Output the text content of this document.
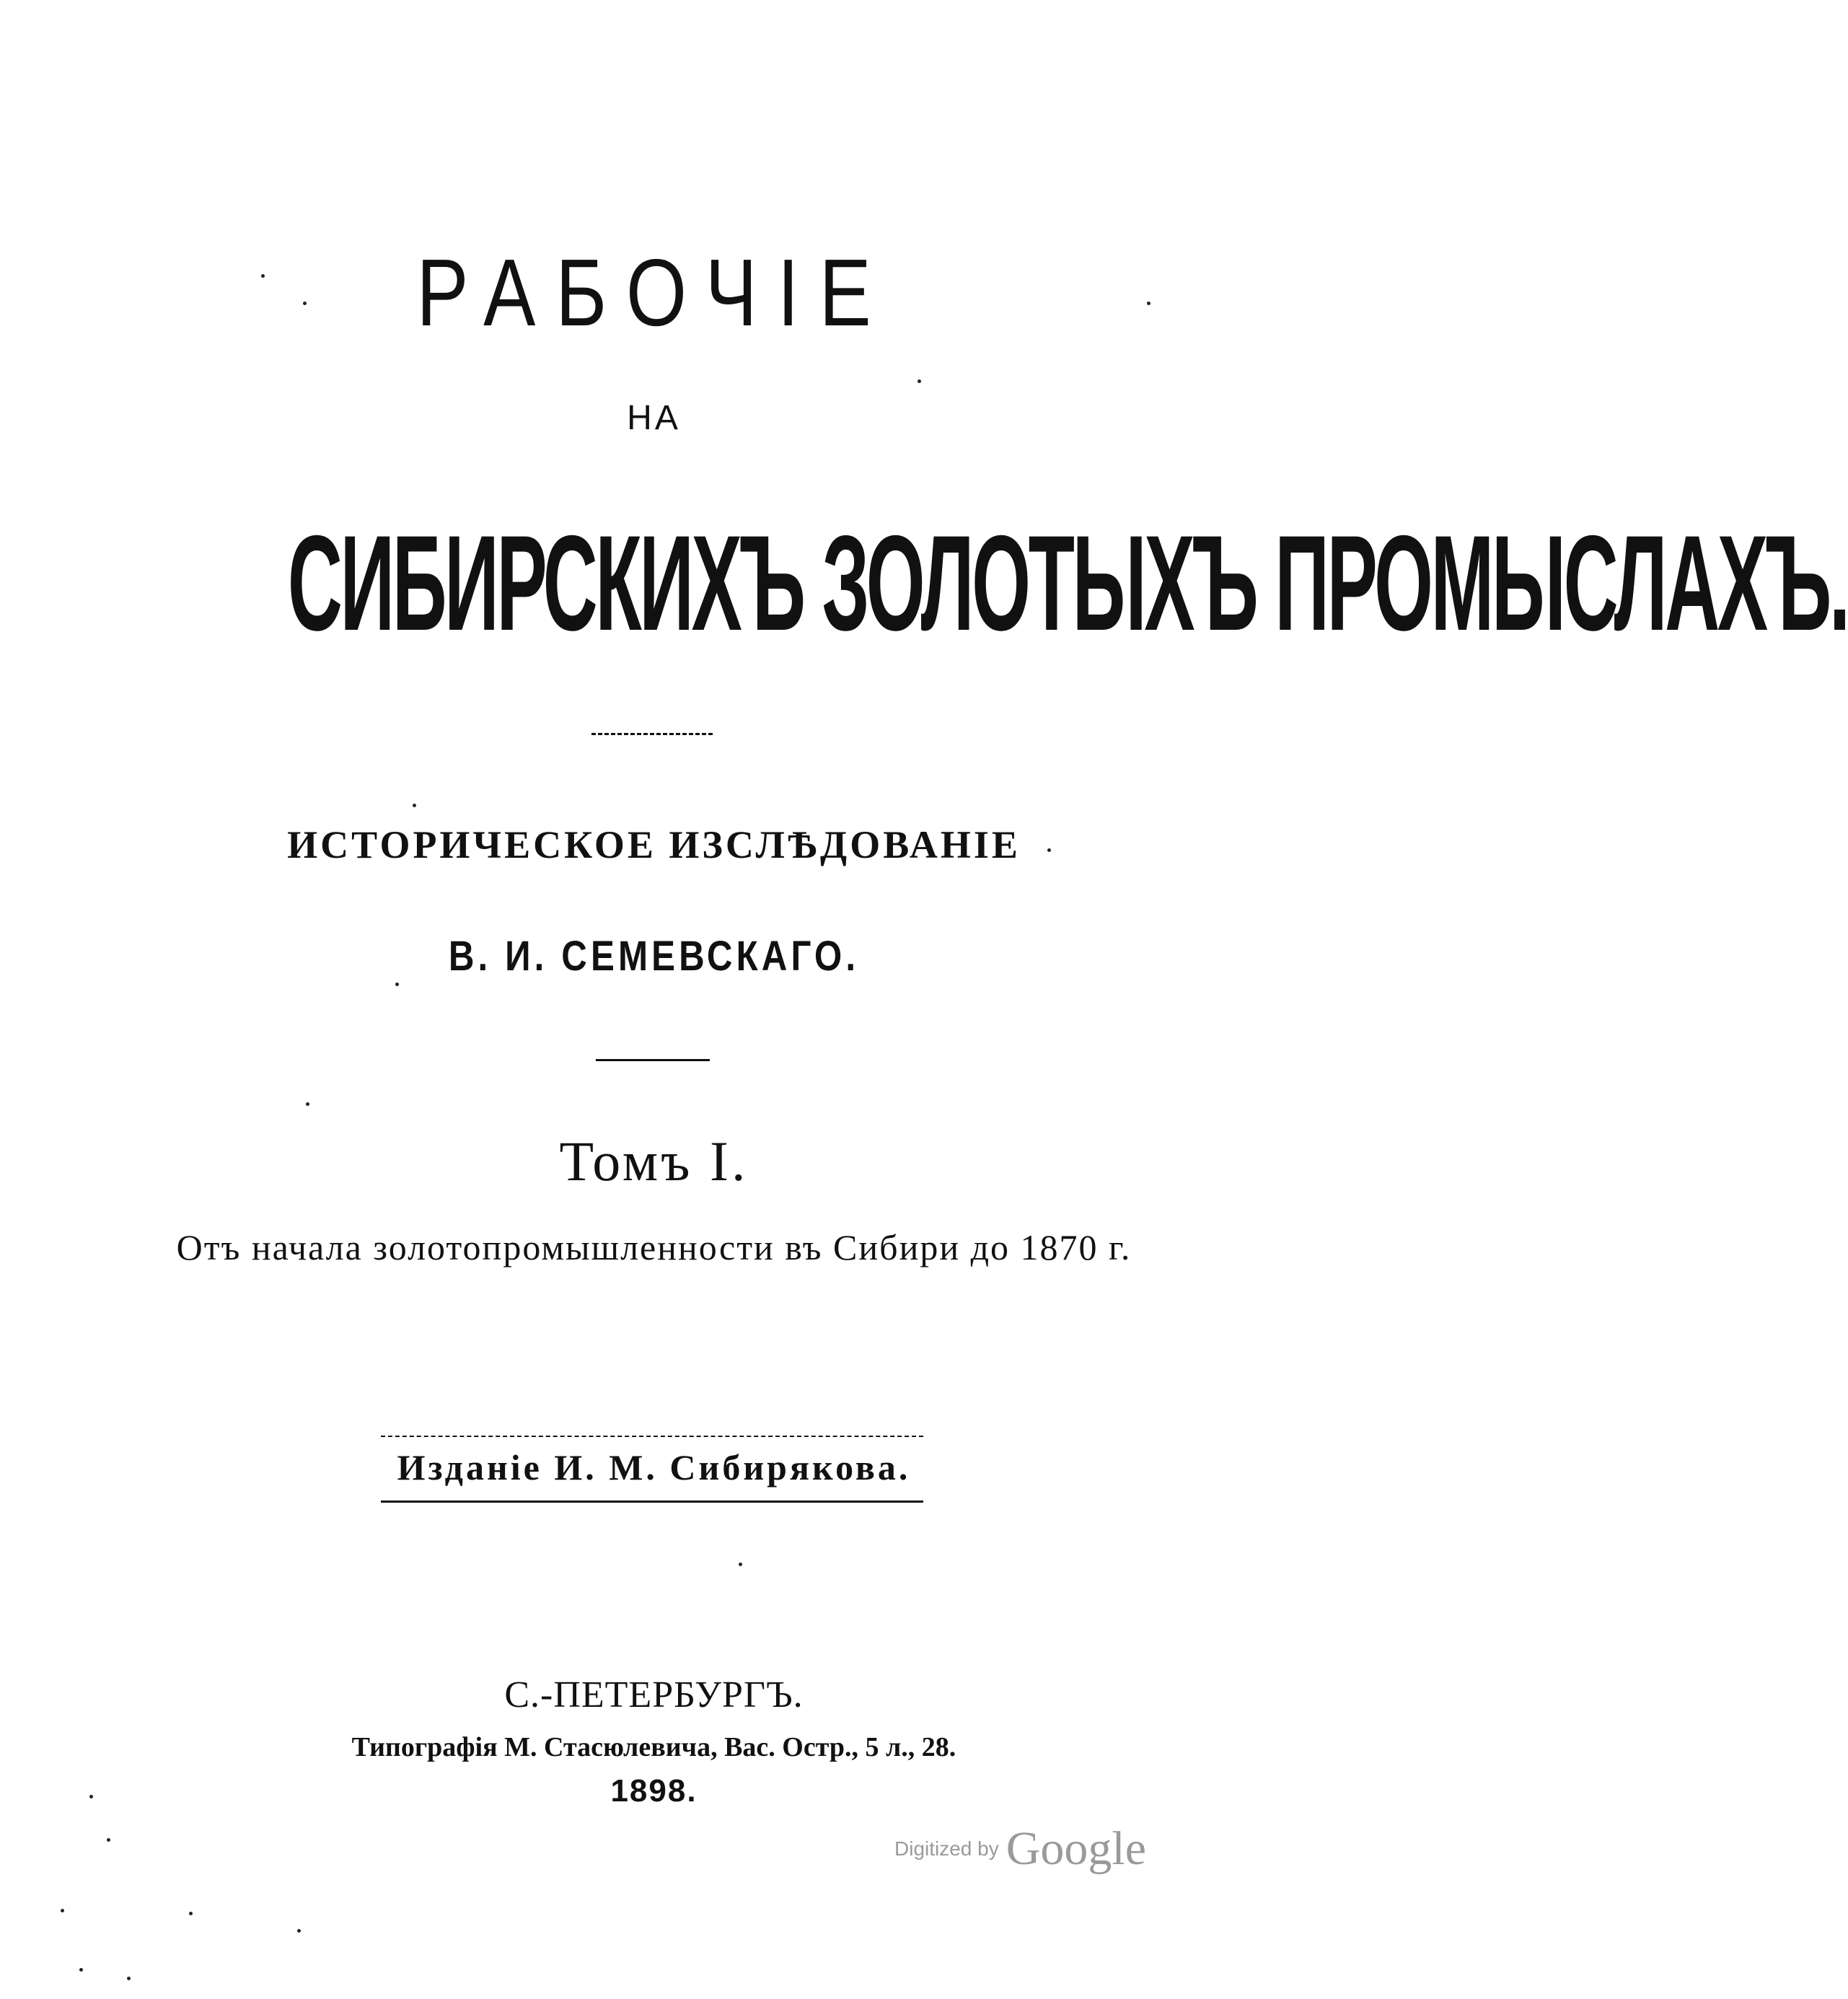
РАБОЧІЕ
НА
СИБИРСКИХЪ ЗОЛОТЫХЪ ПРОМЫСЛАХЪ.
ИСТОРИЧЕСКОЕ ИЗСЛѢДОВАНІЕ
В. И. СЕМЕВСКАГО.
Томъ I.
Отъ начала золотопромышленности въ Сибири до 1870 г.
Изданіе И. М. Сибирякова.
С.-ПЕТЕРБУРГЪ.
Типографія М. Стасюлевича, Вас. Остр., 5 л., 28.
1898.
Digitized by Google
